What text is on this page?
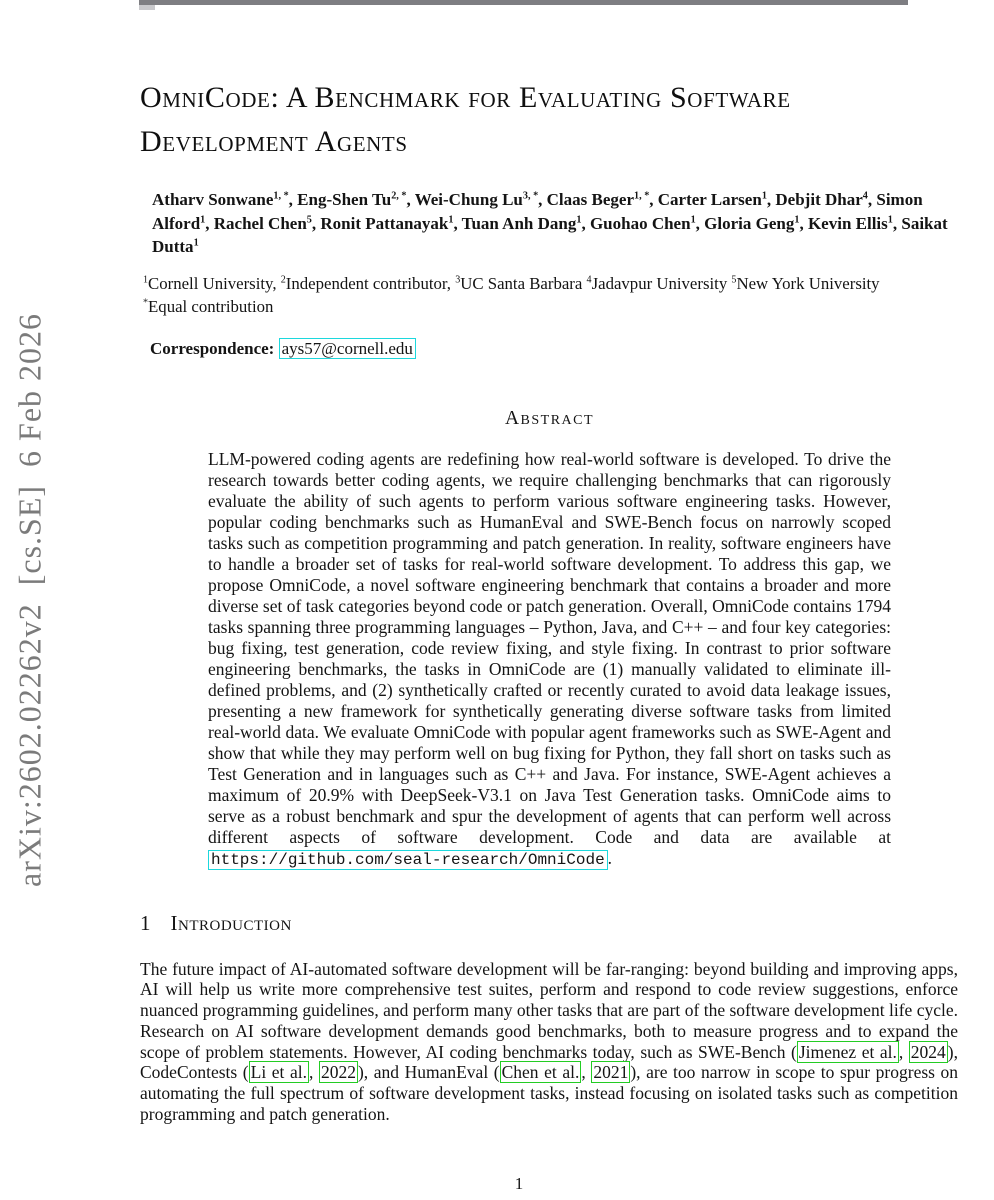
arXiv:2602.02262v2  [cs.SE]  6 Feb 2026
OmniCode: A Benchmark for Evaluating Software Development Agents
Atharv Sonwane$^{1, *}$, Eng-Shen $Tu^{2, *}$, Wei-Chung $Lu^{3, *}$, Claas Beger$^{1, *}$, Carter Larsen$^1$, Debjit Dhar$^4$, Simon Alford$^1$, Rachel Chen$^5$, Ronit Pattanayak$^1$, Tuan Anh Dang$^1$, Guohao Chen$^1$, Gloria Geng$^1$, Kevin Ellis$^1$, Saikat Dutta$^1$
$^1$Cornell University, $^2$Independent contributor, $^3$UC Santa Barbara $^4$Jadavpur University $^5$New York University
*Equal contribution
Correspondence: ays57@cornell.edu
Abstract
LLM-powered coding agents are redefining how real-world software is developed. To drive the research towards better coding agents, we require challenging benchmarks that can rigorously evaluate the ability of such agents to perform various software engineering tasks. However, popular coding benchmarks such as HumanEval and SWE-Bench focus on narrowly scoped tasks such as competition programming and patch generation. In reality, software engineers have to handle a broader set of tasks for real-world software development. To address this gap, we propose OmniCode, a novel software engineering benchmark that contains a broader and more diverse set of task categories beyond code or patch generation. Overall, OmniCode contains 1794 tasks spanning three programming languages – Python, Java, and C++ – and four key categories: bug fixing, test generation, code review fixing, and style fixing. In contrast to prior software engineering benchmarks, the tasks in OmniCode are (1) manually validated to eliminate ill-defined problems, and (2) synthetically crafted or recently curated to avoid data leakage issues, presenting a new framework for synthetically generating diverse software tasks from limited real-world data. We evaluate OmniCode with popular agent frameworks such as SWE-Agent and show that while they may perform well on bug fixing for Python, they fall short on tasks such as Test Generation and in languages such as C++ and Java. For instance, SWE-Agent achieves a maximum of 20.9% with DeepSeek-V3.1 on Java Test Generation tasks. OmniCode aims to serve as a robust benchmark and spur the development of agents that can perform well across different aspects of software development. Code and data are available at https://github.com/seal-research/OmniCode .
1 Introduction
The future impact of AI-automated software development will be far-ranging: beyond building and improving apps, AI will help us write more comprehensive test suites, perform and respond to code review suggestions, enforce nuanced programming guidelines, and perform many other tasks that are part of the software development life cycle. Research on AI software development demands good benchmarks, both to measure progress and to expand the scope of problem statements. However, AI coding benchmarks today, such as SWE-Bench ( Jimenez et al. , 2024 ), CodeContests ( Li et al. , 2022 ), and HumanEval ( Chen et al. , 2021 ), are too narrow in scope to spur progress on automating the full spectrum of software development tasks, instead focusing on isolated tasks such as competition programming and patch generation.
1
